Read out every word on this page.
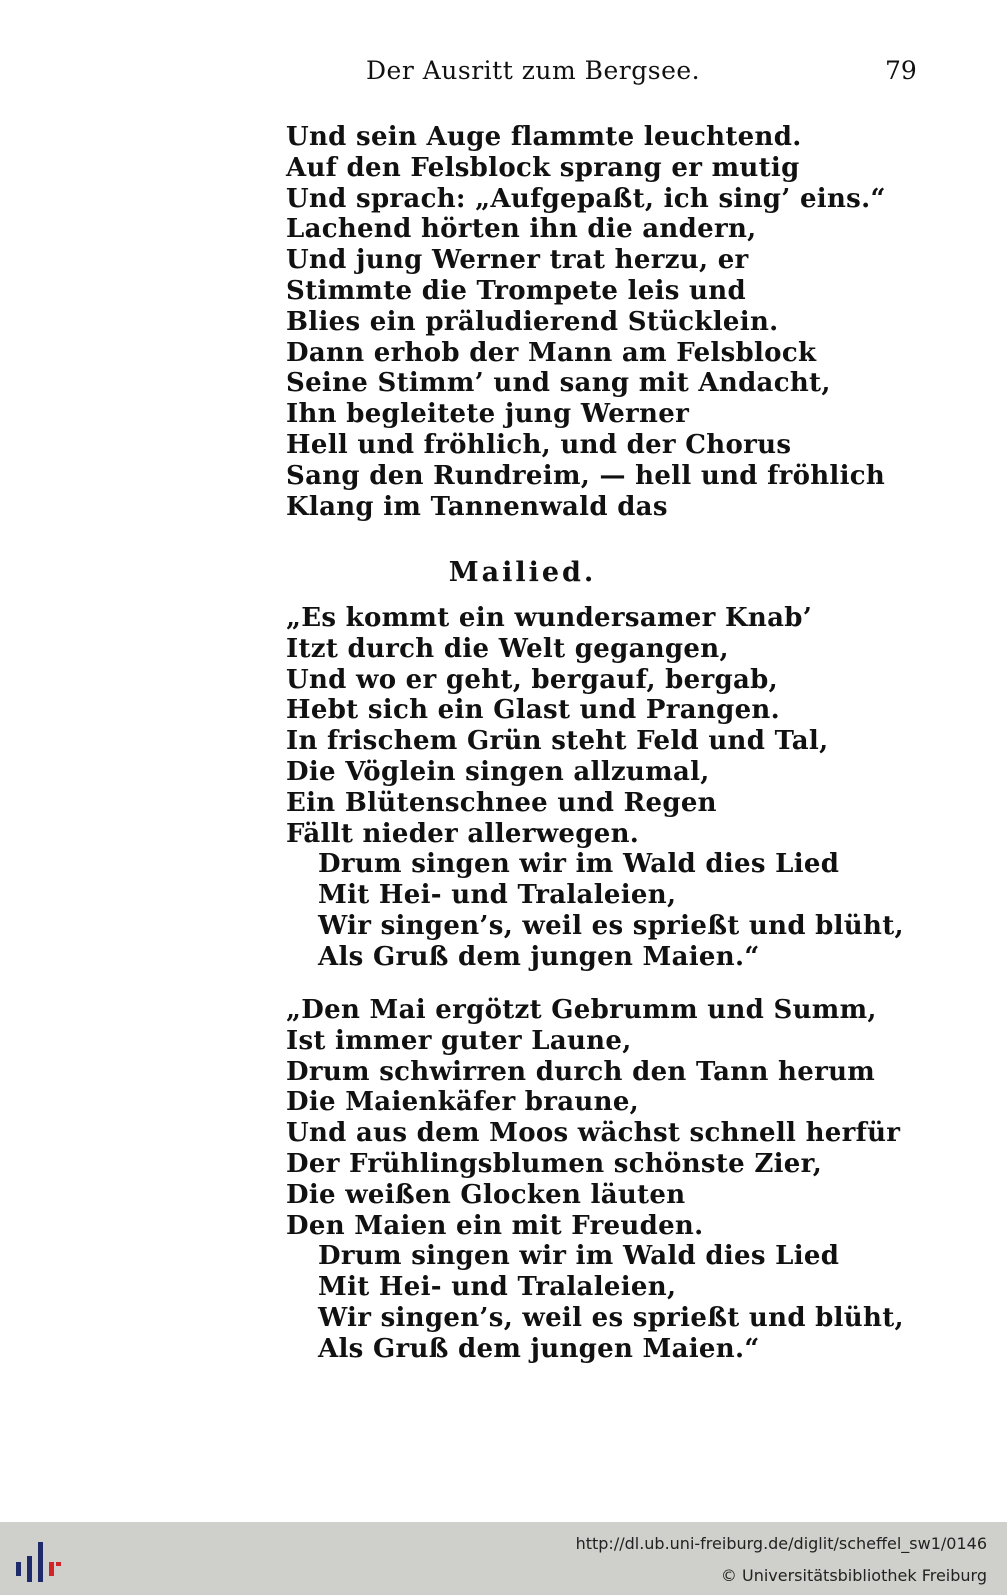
Der Ausritt zum Bergsee.	79
Und sein Auge flammte leuchtend.
Auf den Felsblock sprang er mutig
Und sprach: „Aufgepaßt, ich sing’ eins.“
Lachend hörten ihn die andern,
Und jung Werner trat herzu, er
Stimmte die Trompete leis und
Blies ein präludierend Stücklein.
Dann erhob der Mann am Felsblock
Seine Stimm’ und sang mit Andacht,
Ihn begleitete jung Werner
Hell und fröhlich, und der Chorus
Sang den Rundreim, — hell und fröhlich
Klang im Tannenwald das
Mailied.
„Es kommt ein wundersamer Knab’
Itzt durch die Welt gegangen,
Und wo er geht, bergauf, bergab,
Hebt sich ein Glast und Prangen.
In frischem Grün steht Feld und Tal,
Die Vöglein singen allzumal,
Ein Blütenschnee und Regen
Fällt nieder allerwegen.
Drum singen wir im Wald dies Lied
Mit Hei- und Tralaleien,
Wir singen’s, weil es sprießt und blüht,
Als Gruß dem jungen Maien.“
„Den Mai ergötzt Gebrumm und Summ,
Ist immer guter Laune,
Drum schwirren durch den Tann herum
Die Maienkäfer braune,
Und aus dem Moos wächst schnell herfür
Der Frühlingsblumen schönste Zier,
Die weißen Glocken läuten
Den Maien ein mit Freuden.
Drum singen wir im Wald dies Lied
Mit Hei- und Tralaleien,
Wir singen’s, weil es sprießt und blüht,
Als Gruß dem jungen Maien.“
http://dl.ub.uni-freiburg.de/diglit/scheffel_sw1/0146
© Universitätsbibliothek Freiburg
